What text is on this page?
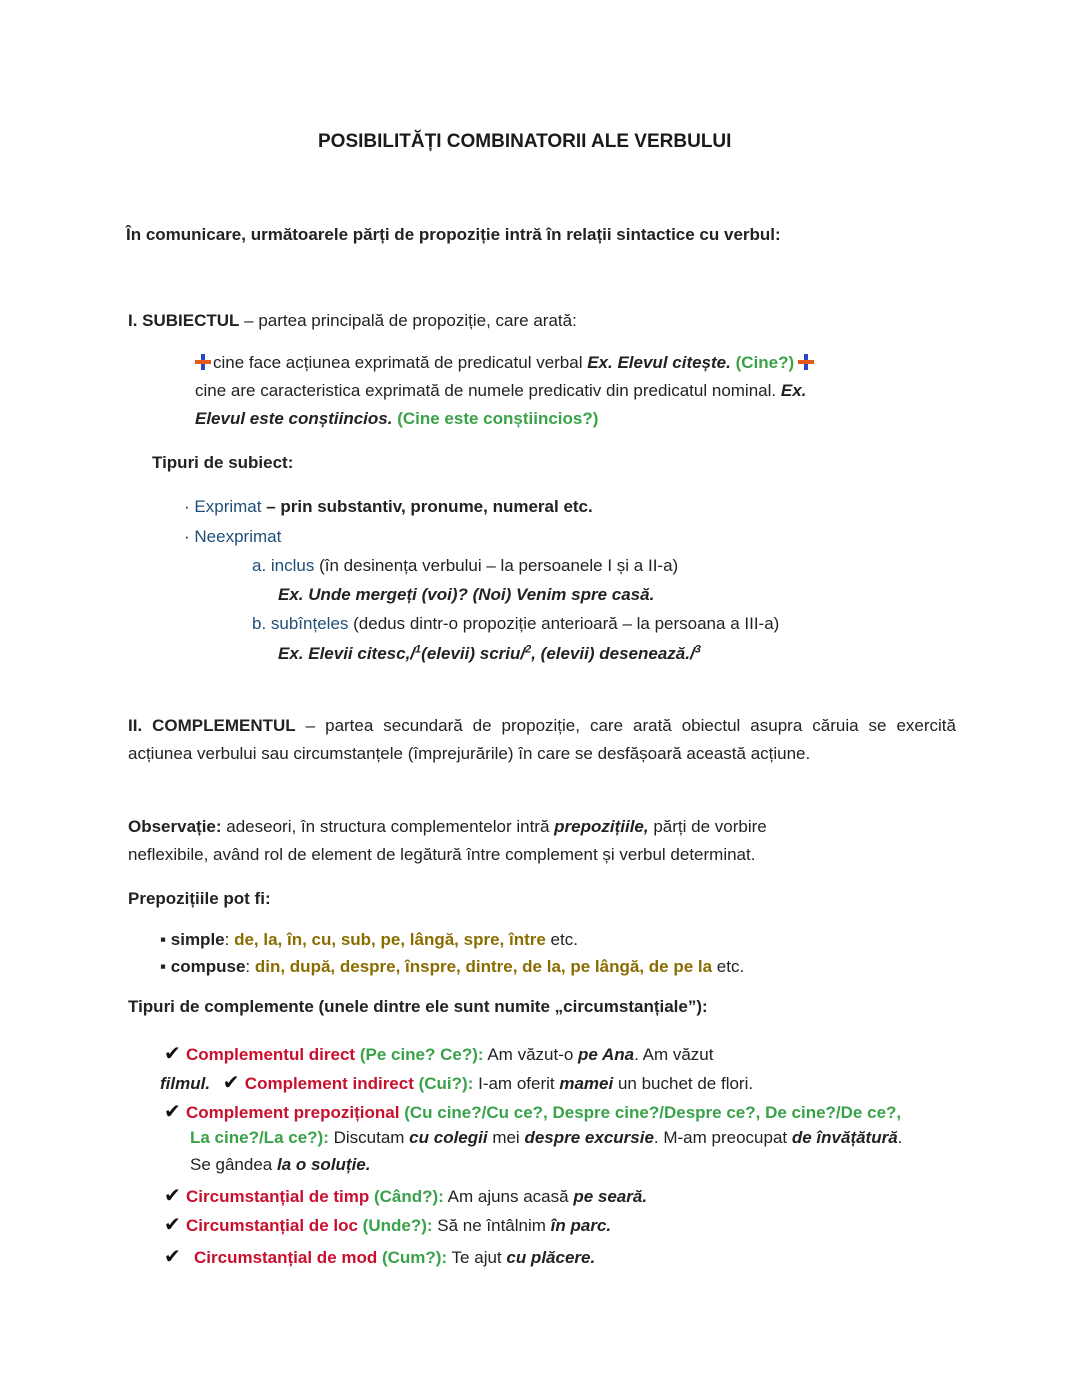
POSIBILITĂȚI COMBINATORII ALE VERBULUI
În comunicare, următoarele părți de propoziție intră în relații sintactice cu verbul:
I. SUBIECTUL – partea principală de propoziție, care arată:
cine face acțiunea exprimată de predicatul verbal Ex. Elevul citește. (Cine?)
cine are caracteristica exprimată de numele predicativ din predicatul nominal. Ex.
Elevul este conștiincios. (Cine este conștiincios?)
Tipuri de subiect:
· Exprimat – prin substantiv, pronume, numeral etc.
· Neexprimat
a. inclus (în desinența verbului – la persoanele I și a II-a)
Ex. Unde mergeți (voi)? (Noi) Venim spre casă.
b. subînțeles (dedus dintr-o propoziție anterioară – la persoana a III-a)
Ex. Elevii citesc,/$^1$(elevii) scriu/$^2$, (elevii) desenează./$^3$
II. COMPLEMENTUL – partea secundară de propoziție, care arată obiectul asupra căruia se exercită acțiunea verbului sau circumstanțele (împrejurările) în care se desfășoară această acțiune.
Observație: adeseori, în structura complementelor intră prepozițiile, părți de vorbire
neflexibile, având rol de element de legătură între complement și verbul determinat.
Prepozițiile pot fi:
▪ simple: de, la, în, cu, sub, pe, lângă, spre, între etc.
▪ compuse: din, după, despre, înspre, dintre, de la, pe lângă, de pe la etc.
Tipuri de complemente (unele dintre ele sunt numite „circumstanțiale”):
✔ Complementul direct (Pe cine? Ce?): Am văzut-o pe Ana. Am văzut
filmul. ✔ Complement indirect (Cui?): I-am oferit mamei un buchet de flori.
✔ Complement prepozițional (Cu cine?/Cu ce?, Despre cine?/Despre ce?, De cine?/De ce?,
La cine?/La ce?): Discutam cu colegii mei despre excursie. M-am preocupat de învățătură.
Se gândea la o soluție.
✔ Circumstanțial de timp (Când?): Am ajuns acasă pe seară.
✔ Circumstanțial de loc (Unde?): Să ne întâlnim în parc.
✔ Circumstanțial de mod (Cum?): Te ajut cu plăcere.
